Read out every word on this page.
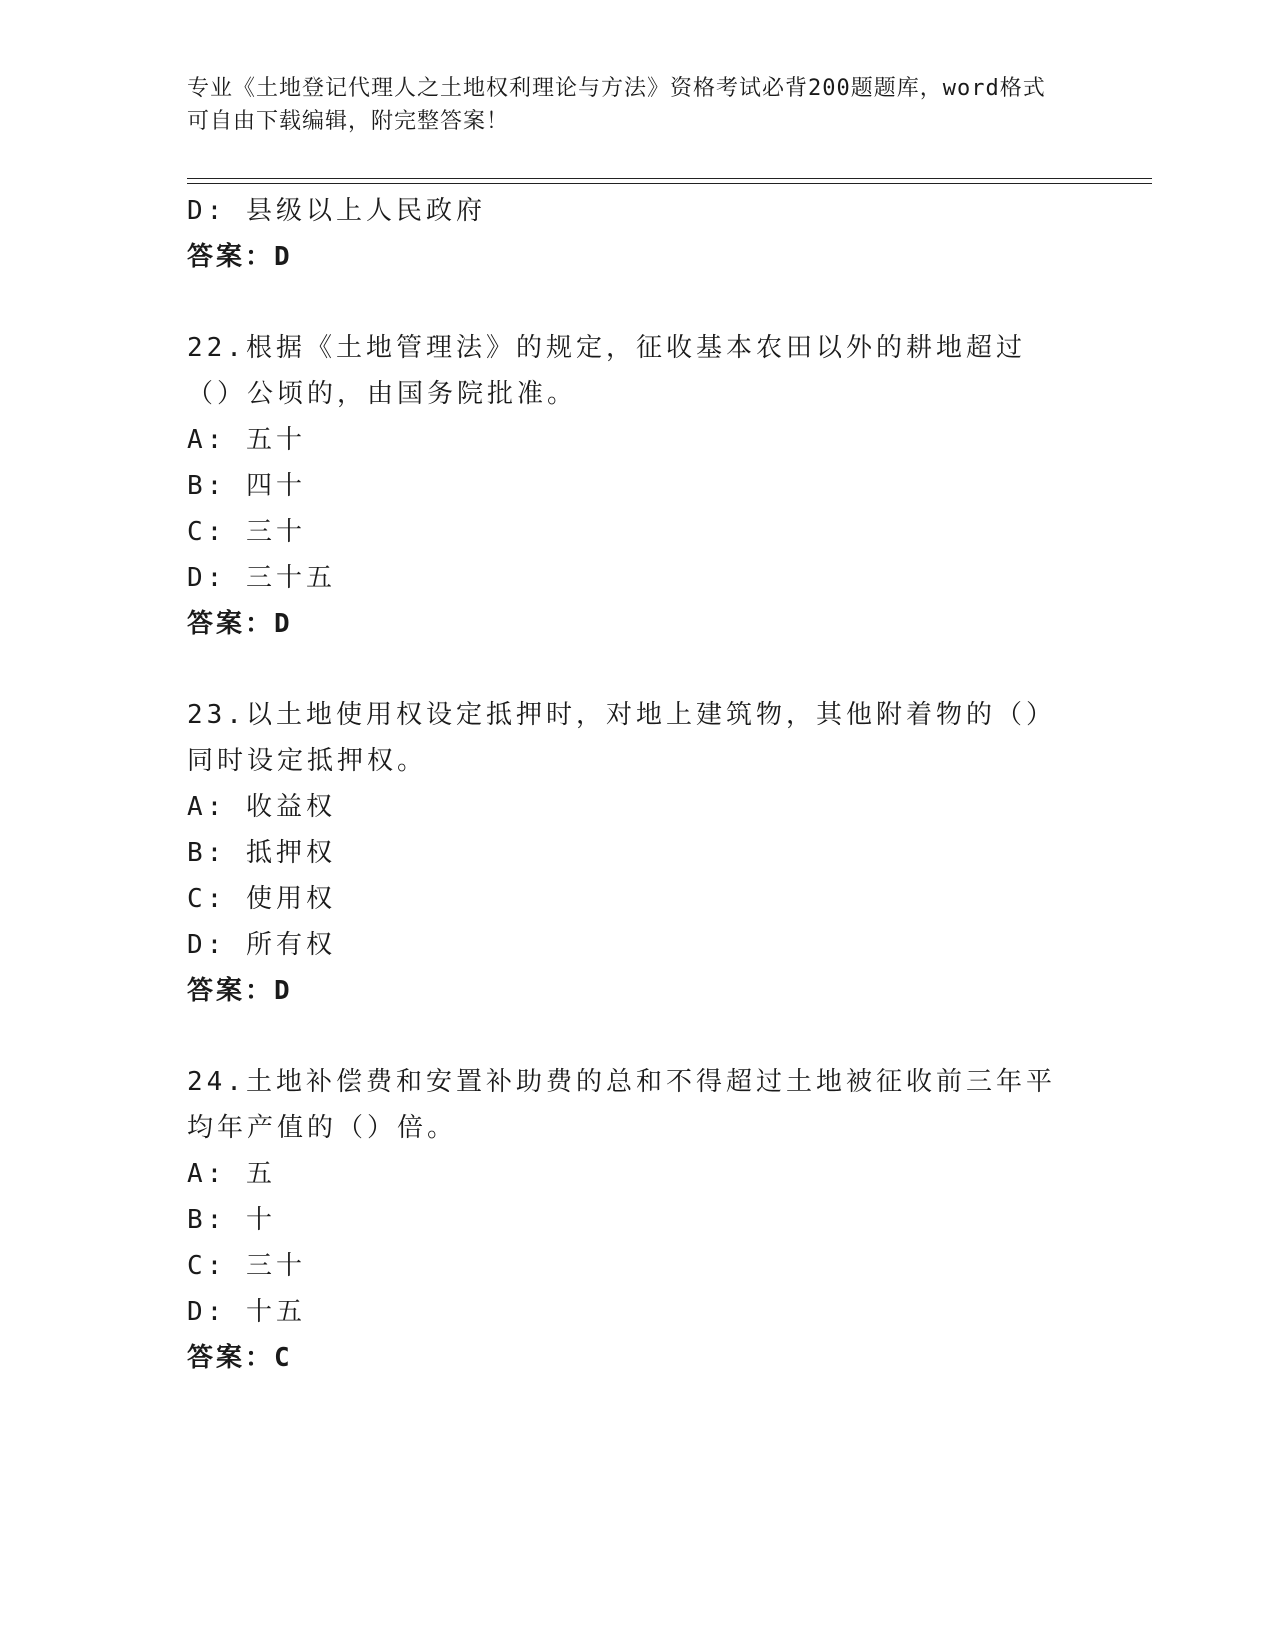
专业《土地登记代理人之土地权利理论与方法》资格考试必背200题题库，word格式可自由下载编辑，附完整答案！
D: 县级以上人民政府
答案：D
22.根据《土地管理法》的规定，征收基本农田以外的耕地超过（）公顷的，由国务院批准。
A: 五十
B: 四十
C: 三十
D: 三十五
答案：D
23.以土地使用权设定抵押时，对地上建筑物，其他附着物的（）同时设定抵押权。
A: 收益权
B: 抵押权
C: 使用权
D: 所有权
答案：D
24.土地补偿费和安置补助费的总和不得超过土地被征收前三年平均年产值的（）倍。
A: 五
B: 十
C: 三十
D: 十五
答案：C
